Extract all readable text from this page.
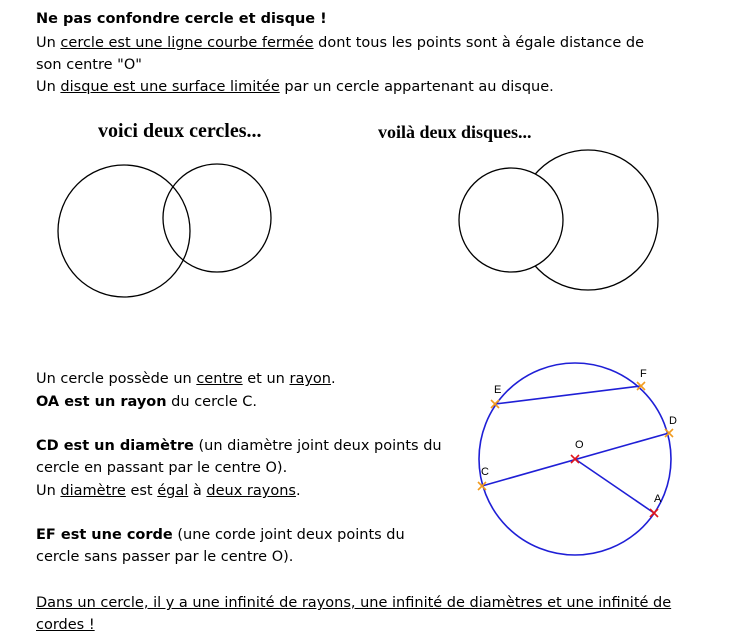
Ne pas confondre cercle et disque !
Un cercle est une ligne courbe fermée dont tous les points sont à égale distance de
son centre "O"
Un disque est une surface limitée par un cercle appartenant au disque.
voici deux cercles...	voilà deux disques...
E
F
D
O
C
A
Un cercle possède un centre et un rayon.
OA est un rayon du cercle C.
CD est un diamètre (un diamètre joint deux points du
cercle en passant par le centre O).
Un diamètre est égal à deux rayons.
EF est une corde (une corde joint deux points du
cercle sans passer par le centre O).
Dans un cercle, il y a une infinité de rayons, une infinité de diamètres et une infinité de
cordes !
